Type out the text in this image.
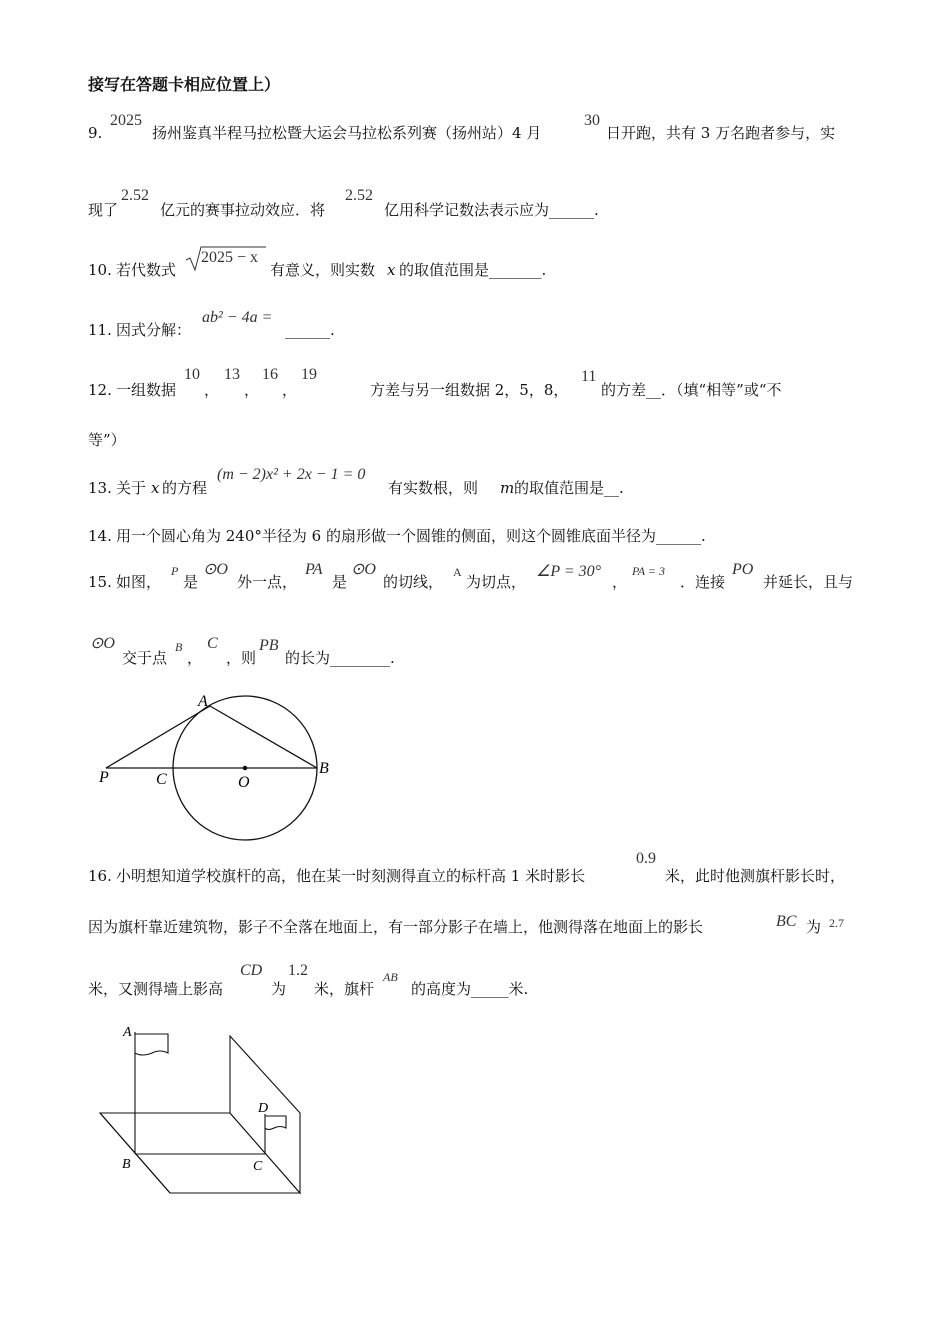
接写在答题卡相应位置上）
9.
2025
扬州鉴真半程马拉松暨大运会马拉松系列赛（扬州站）4 月
30
日开跑，共有 3 万名跑者参与，实
现了
2.52
亿元的赛事拉动效应．将
2.52
亿用科学记数法表示应为______.
10. 若代数式
2025 − x
有意义，则实数 x 的取值范围是_______.
11. 因式分解：
ab² − 4a =
______.
12. 一组数据
10
，
13
，
16
，
19
方差与另一组数据 2，5，8，
11
的方差__．（填“相等”或“不
等”）
13. 关于 x 的方程
(m − 2)x² + 2x − 1 = 0
有实数根，则 m 的取值范围是__.
14. 用一个圆心角为 240°半径为 6 的扇形做一个圆锥的侧面，则这个圆锥底面半径为______.
15. 如图，
P
是
⊙O
外一点，
PA
是
⊙O
的切线，
A
为切点，
∠P = 30°
，
PA = 3
．连接
PO
并延长，且与
⊙O
交于点
B
，
C
，则
PB
的长为________.
A
B
C	O
P
16. 小明想知道学校旗杆的高，他在某一时刻测得直立的标杆高 1 米时影长
0.9
米，此时他测旗杆影长时，
因为旗杆靠近建筑物，影子不全落在地面上，有一部分影子在墙上，他测得落在地面上的影长	BC 为 2.7
米，又测得墙上影高
CD
为
1.2
米，旗杆
AB
的高度为_____米.
A
B	C
D
